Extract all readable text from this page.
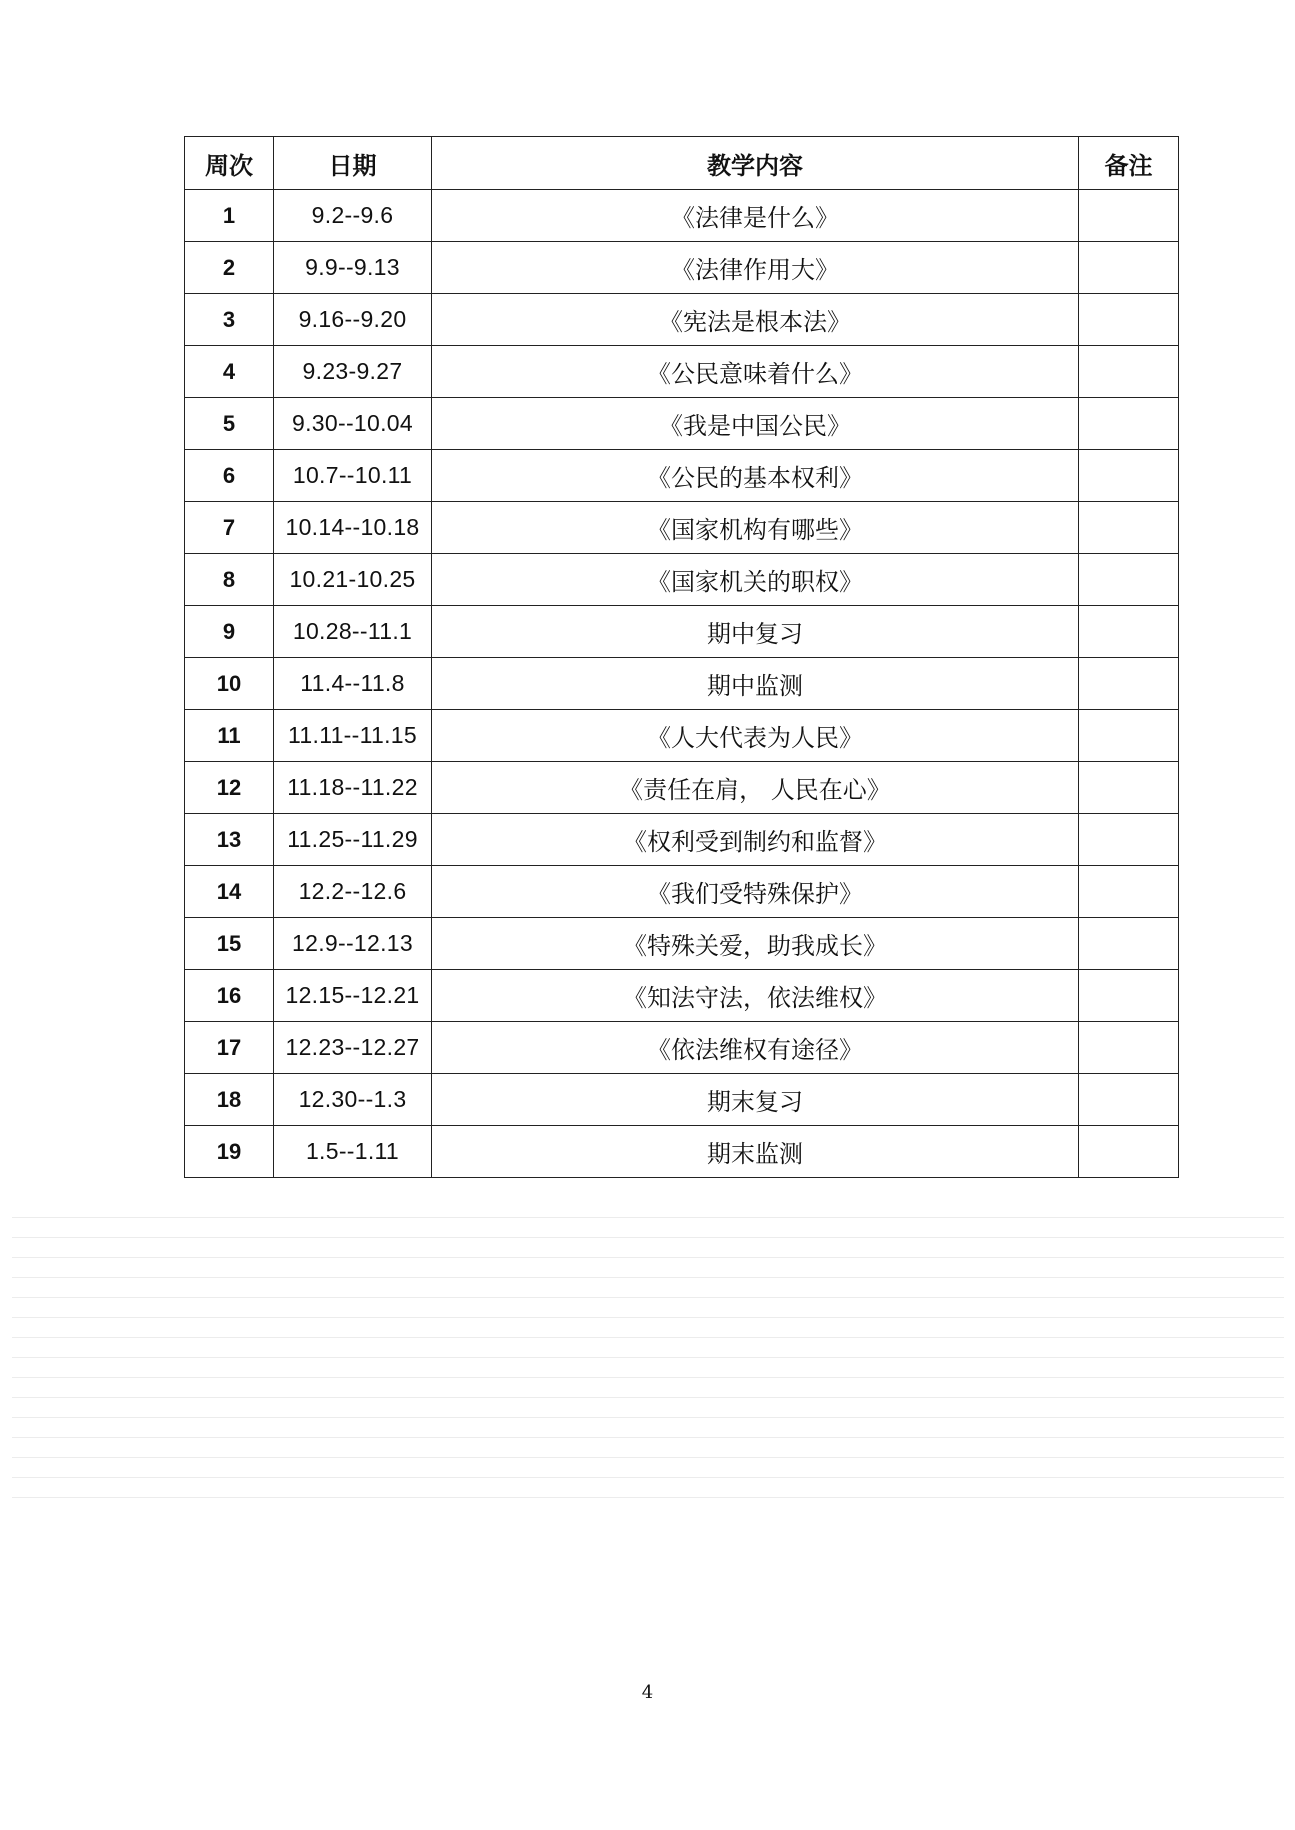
周次	日期	教学内容	备注
1	9.2--9.6	《法律是什么》	
2	9.9--9.13	《法律作用大》	
3	9.16--9.20	《宪法是根本法》	
4	9.23-9.27	《公民意味着什么》	
5	9.30--10.04	《我是中国公民》	
6	10.7--10.11	《公民的基本权利》	
7	10.14--10.18	《国家机构有哪些》	
8	10.21-10.25	《国家机关的职权》	
9	10.28--11.1	期中复习	
10	11.4--11.8	期中监测	
11	11.11--11.15	《人大代表为人民》	
12	11.18--11.22	《责任在肩， 人民在心》	
13	11.25--11.29	《权利受到制约和监督》	
14	12.2--12.6	《我们受特殊保护》	
15	12.9--12.13	《特殊关爱，助我成长》	
16	12.15--12.21	《知法守法，依法维权》	
17	12.23--12.27	《依法维权有途径》	
18	12.30--1.3	期末复习	
19	1.5--1.11	期末监测	
4
